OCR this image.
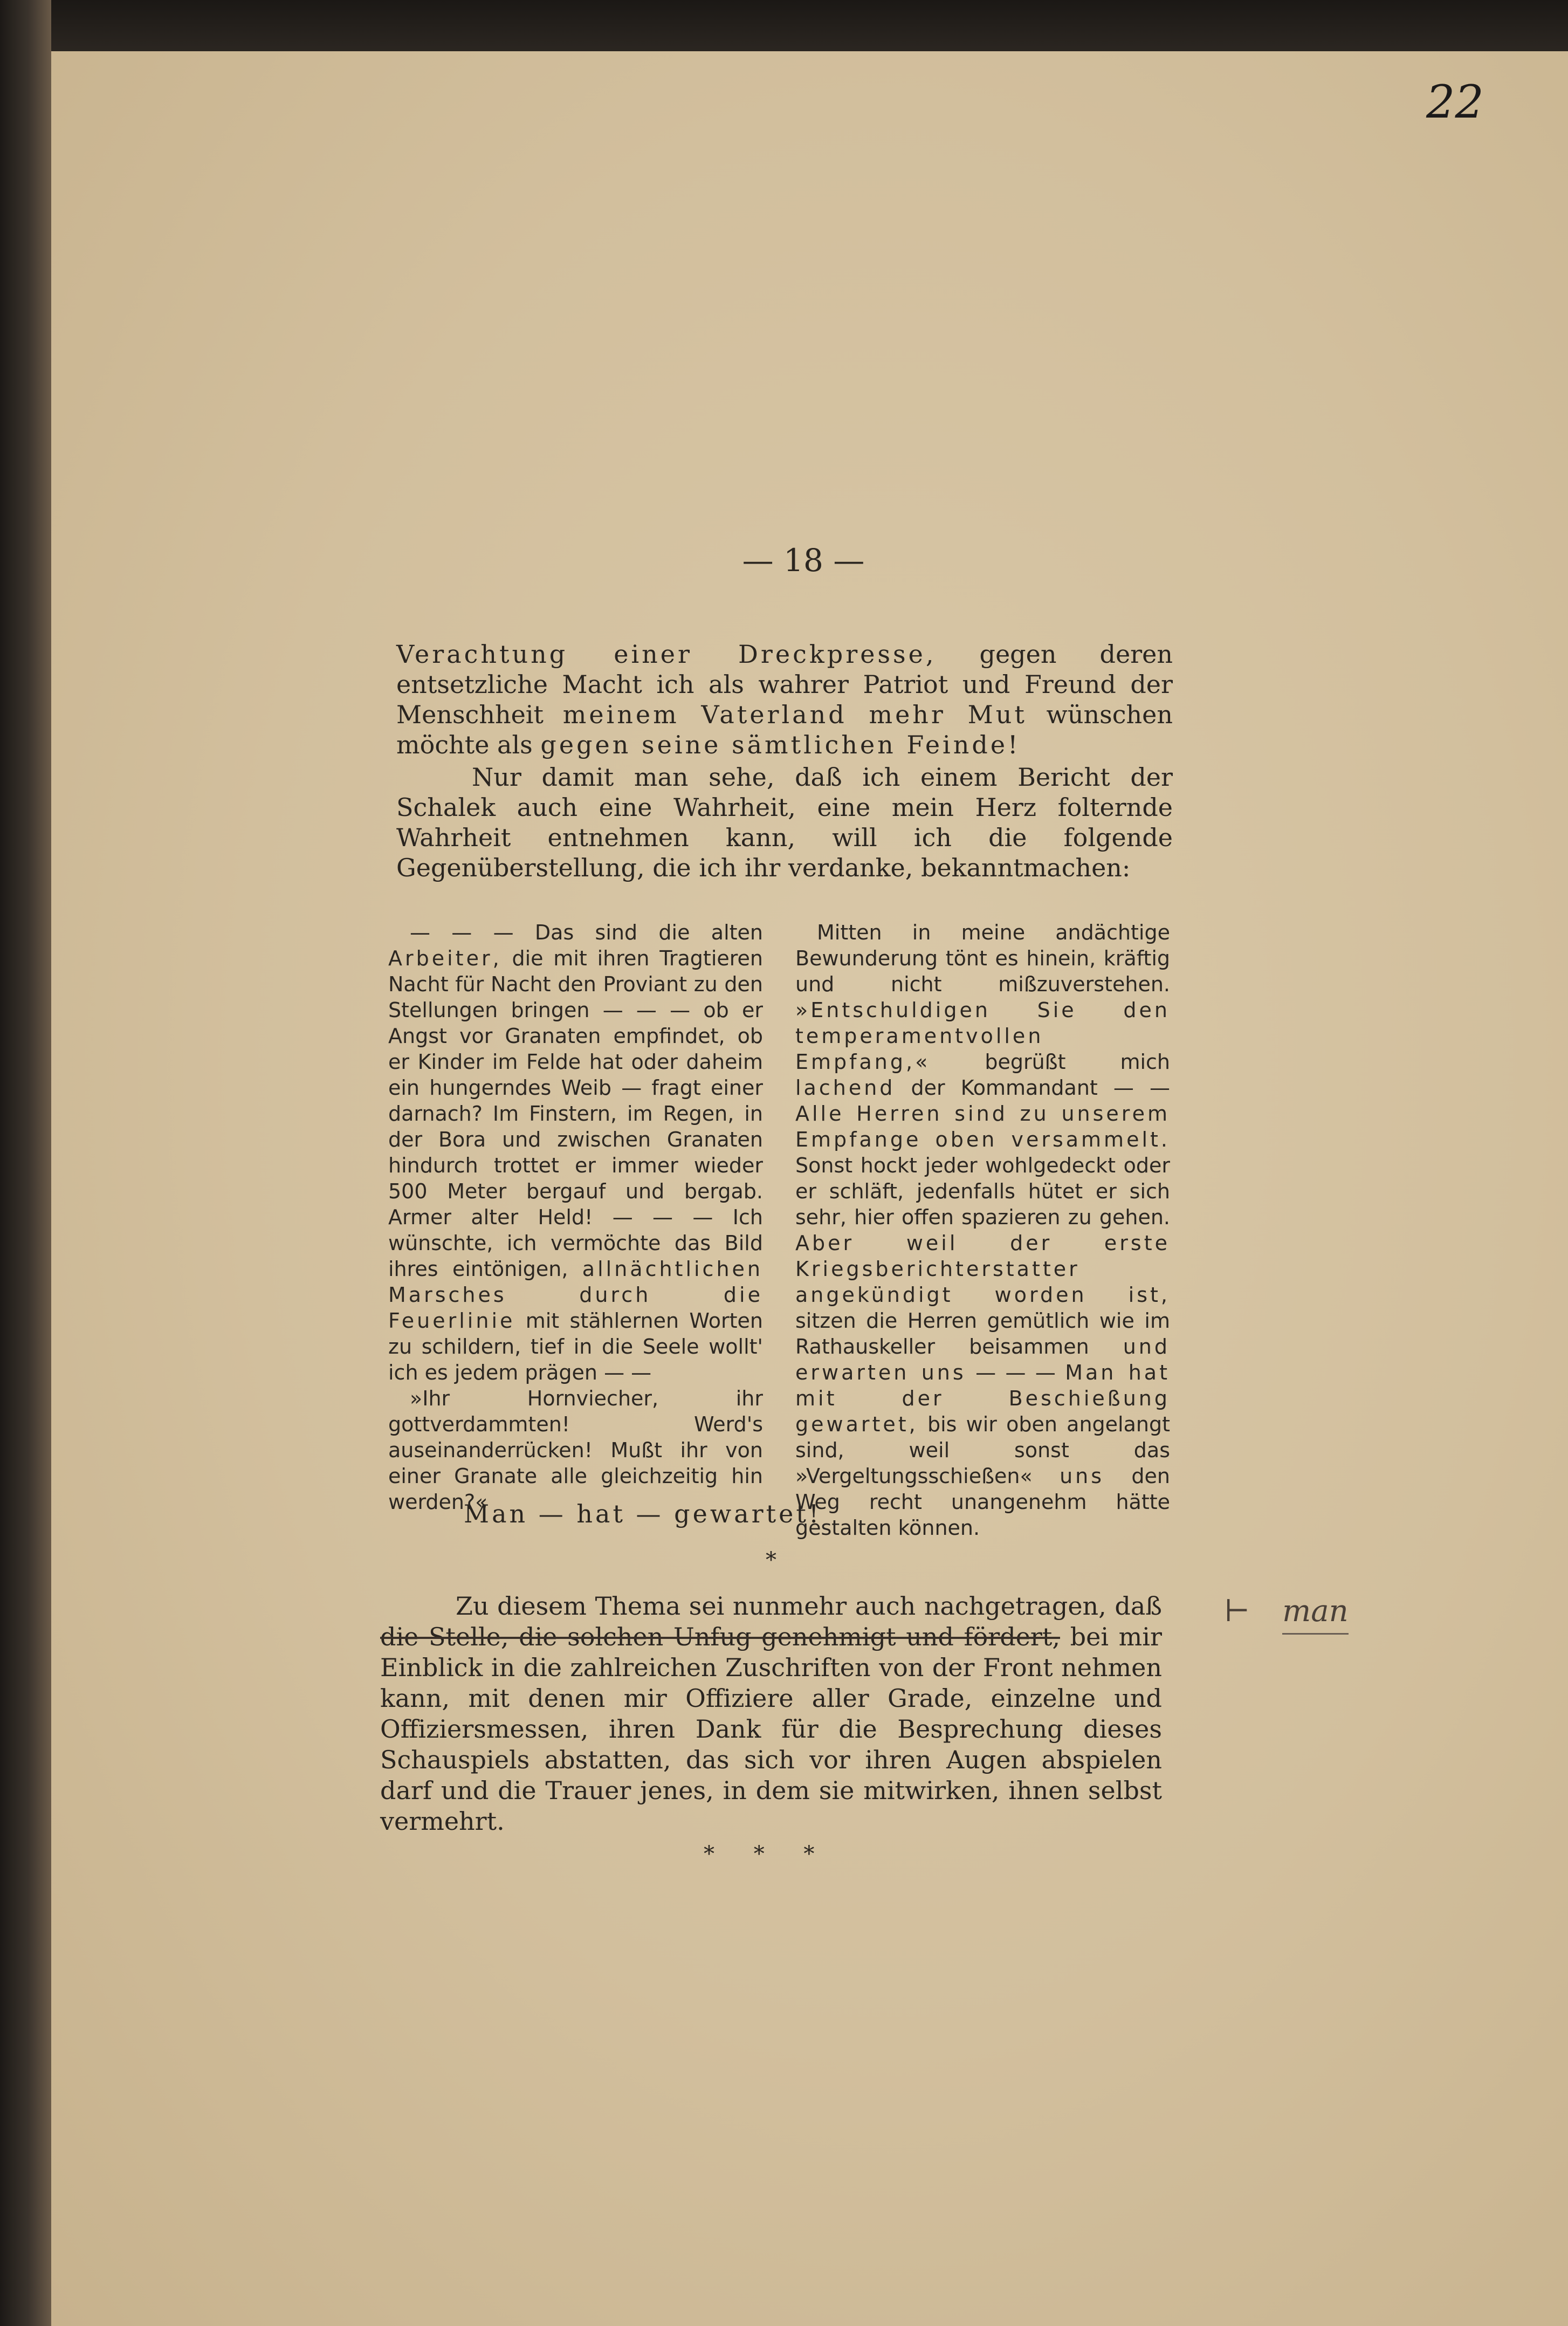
22
— 18 —

Verachtung einer Dreckpresse, gegen deren entsetzliche Macht ich als wahrer Patriot und Freund der Menschheit meinem Vaterland mehr Mut wünschen möchte als gegen seine sämtlichen Feinde!

Nur damit man sehe, daß ich einem Bericht der Schalek auch eine Wahrheit, eine mein Herz folternde Wahrheit entnehmen kann, will ich die folgende Gegenüberstellung, die ich ihr verdanke, bekanntmachen:

— — — Das sind die alten Arbeiter, die mit ihren Tragtieren Nacht für Nacht den Proviant zu den Stellungen bringen — — — ob er Angst vor Granaten empfindet, ob er Kinder im Felde hat oder daheim ein hungerndes Weib — fragt einer darnach? Im Finstern, im Regen, in der Bora und zwischen Granaten hindurch trottet er immer wieder 500 Meter bergauf und bergab. Armer alter Held! — — — Ich wünschte, ich vermöchte das Bild ihres eintönigen, allnächtlichen Marsches durch die Feuerlinie mit stählernen Worten zu schildern, tief in die Seele wollt' ich es jedem prägen — —

»Ihr Hornviecher, ihr gottverdammten! Werd's auseinanderrücken! Mußt ihr von einer Granate alle gleichzeitig hin werden?«

Mitten in meine andächtige Bewunderung tönt es hinein, kräftig und nicht mißzuverstehen. »Entschuldigen Sie den temperamentvollen Empfang,« begrüßt mich lachend der Kommandant — — Alle Herren sind zu unserem Empfange oben versammelt. Sonst hockt jeder wohlgedeckt oder er schläft, jedenfalls hütet er sich sehr, hier offen spazieren zu gehen. Aber weil der erste Kriegsberichterstatter angekündigt worden ist, sitzen die Herren gemütlich wie im Rathauskeller beisammen und erwarten uns — — — Man hat mit der Beschießung gewartet, bis wir oben angelangt sind, weil sonst das »Vergeltungsschießen« uns den Weg recht unangenehm hätte gestalten können.

Man — hat — gewartet!
*
Zu diesem Thema sei nunmehr auch nachgetragen, daß die Stelle, die solchen Unfug genehmigt und fördert, bei mir Einblick in die zahlreichen Zuschriften von der Front nehmen kann, mit denen mir Offiziere aller Grade, einzelne und Offiziersmessen, ihren Dank für die Besprechung dieses Schauspiels abstatten, das sich vor ihren Augen abspielen darf und die Trauer jenes, in dem sie mitwirken, ihnen selbst vermehrt.
⊢ man
* * *
